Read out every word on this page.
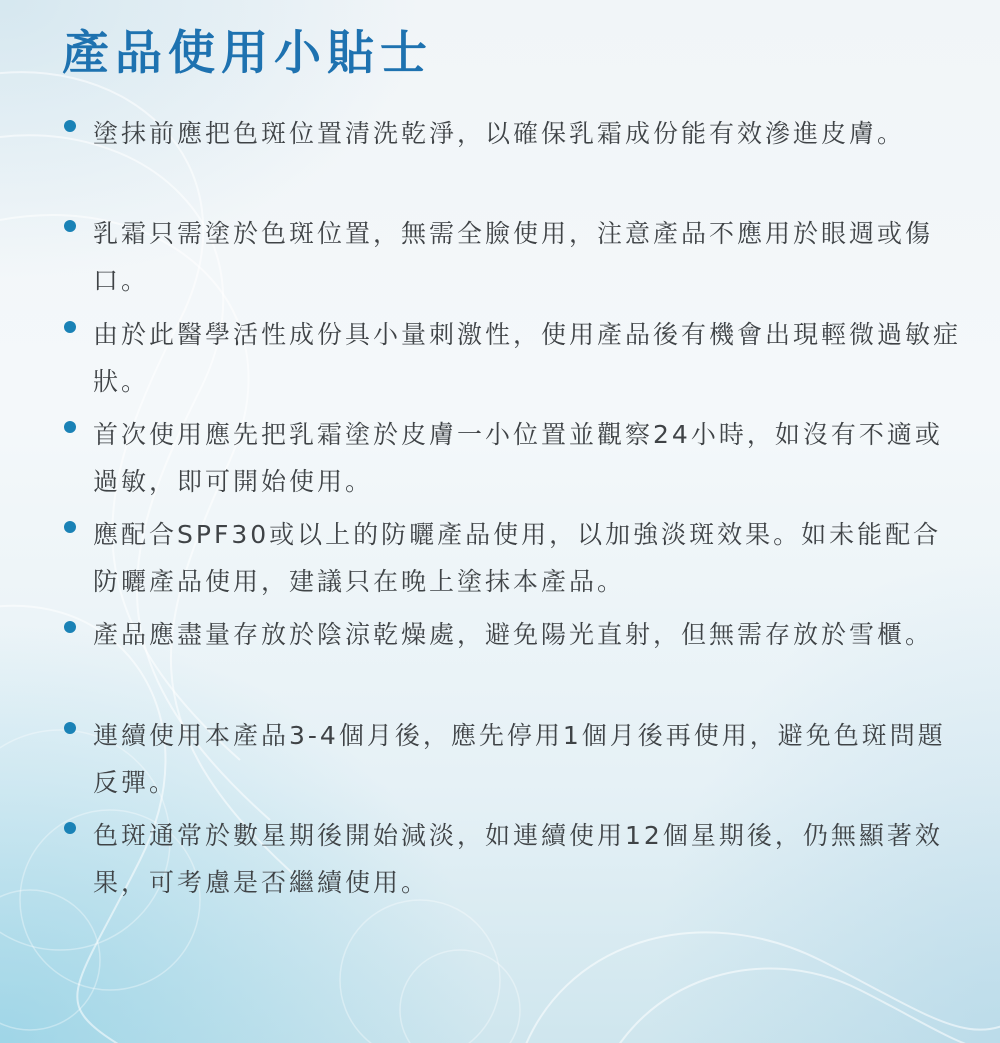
產品使用小貼士
塗抹前應把色斑位置清洗乾淨，以確保乳霜成份能有效滲進皮膚。
乳霜只需塗於色斑位置，無需全臉使用，注意產品不應用於眼週或傷口。
由於此醫學活性成份具小量刺激性，使用產品後有機會出現輕微過敏症狀。
首次使用應先把乳霜塗於皮膚一小位置並觀察24小時，如沒有不適或過敏，即可開始使用。
應配合SPF30或以上的防曬產品使用，以加強淡斑效果。如未能配合防曬產品使用，建議只在晚上塗抹本產品。
產品應盡量存放於陰涼乾燥處，避免陽光直射，但無需存放於雪櫃。
連續使用本產品3-4個月後，應先停用1個月後再使用，避免色斑問題反彈。
色斑通常於數星期後開始減淡，如連續使用12個星期後，仍無顯著效果，可考慮是否繼續使用。
